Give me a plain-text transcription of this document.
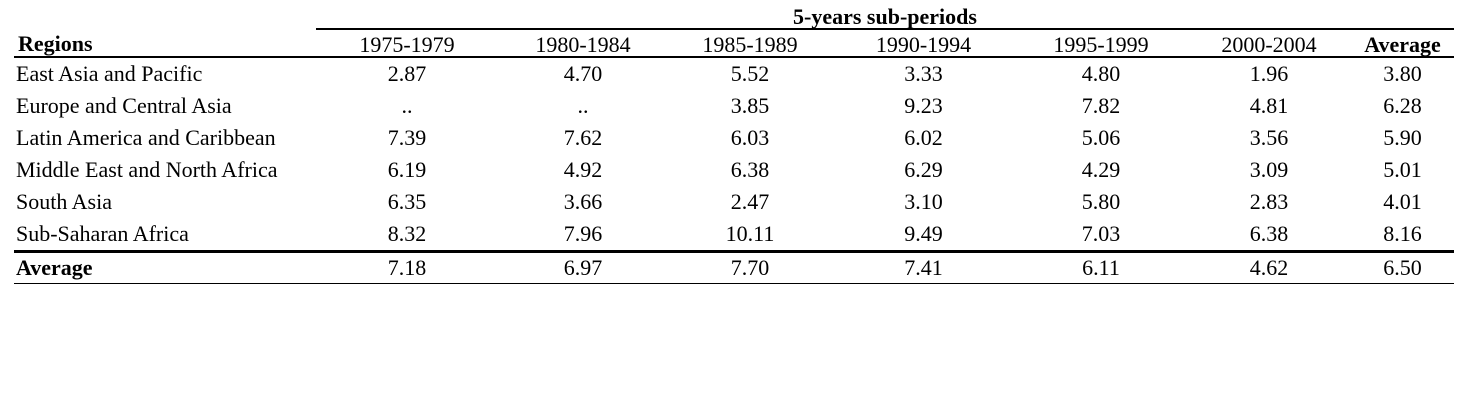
	5-years sub-periods						
Regions	1975-1979	1980-1984	1985-1989	1990-1994	1995-1999	2000-2004	Average
East Asia and Pacific	2.87	4.70	5.52	3.33	4.80	1.96	3.80
Europe and Central Asia	..	..	3.85	9.23	7.82	4.81	6.28
Latin America and Caribbean	7.39	7.62	6.03	6.02	5.06	3.56	5.90
Middle East and North Africa	6.19	4.92	6.38	6.29	4.29	3.09	5.01
South Asia	6.35	3.66	2.47	3.10	5.80	2.83	4.01
Sub-Saharan Africa	8.32	7.96	10.11	9.49	7.03	6.38	8.16
Average	7.18	6.97	7.70	7.41	6.11	4.62	6.50
